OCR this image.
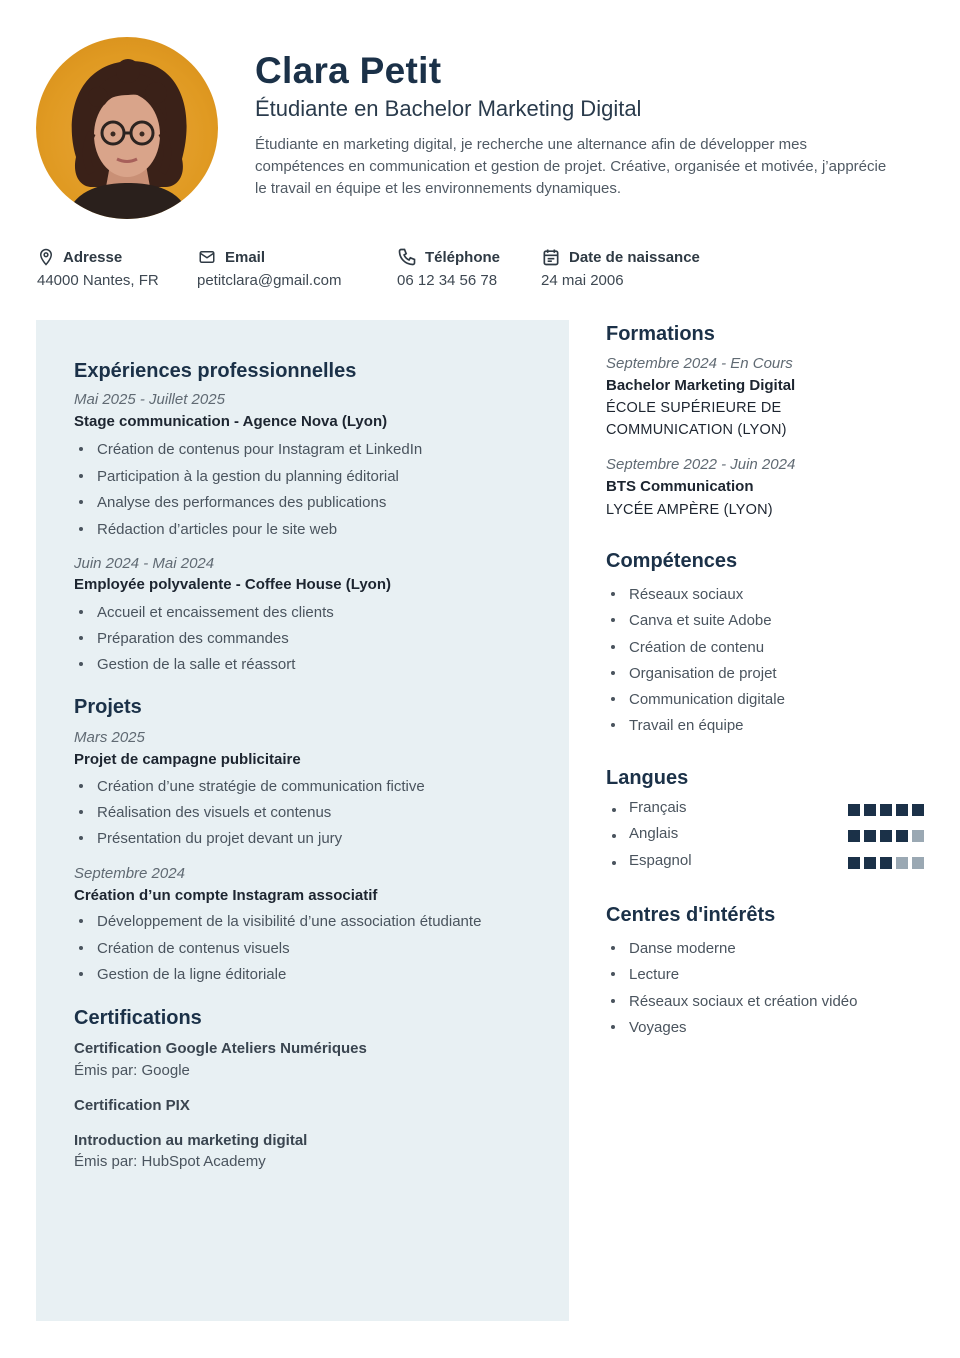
Clara Petit
Étudiante en Bachelor Marketing Digital
Étudiante en marketing digital, je recherche une alternance afin de développer mes compétences en communication et gestion de projet. Créative, organisée et motivée, j’apprécie le travail en équipe et les environnements dynamiques.
Adresse
44000 Nantes, FR
Email
petitclara@gmail.com
Téléphone
06 12 34 56 78
Date de naissance
24 mai 2006
Expériences professionnelles
Mai 2025 - Juillet 2025
Stage communication - Agence Nova (Lyon)
Création de contenus pour Instagram et LinkedIn
Participation à la gestion du planning éditorial
Analyse des performances des publications
Rédaction d’articles pour le site web
Juin 2024 - Mai 2024
Employée polyvalente - Coffee House (Lyon)
Accueil et encaissement des clients
Préparation des commandes
Gestion de la salle et réassort
Projets
Mars 2025
Projet de campagne publicitaire
Création d’une stratégie de communication fictive
Réalisation des visuels et contenus
Présentation du projet devant un jury
Septembre 2024
Création d’un compte Instagram associatif
Développement de la visibilité d’une association étudiante
Création de contenus visuels
Gestion de la ligne éditoriale
Certifications
Certification Google Ateliers Numériques
Émis par: Google
Certification PIX
Introduction au marketing digital
Émis par: HubSpot Academy
Formations
Septembre 2024 - En Cours
Bachelor Marketing Digital
ÉCOLE SUPÉRIEURE DE COMMUNICATION (LYON)
Septembre 2022 - Juin 2024
BTS Communication
LYCÉE AMPÈRE (LYON)
Compétences
Réseaux sociaux
Canva et suite Adobe
Création de contenu
Organisation de projet
Communication digitale
Travail en équipe
Langues
Français
Anglais
Espagnol
Centres d'intérêts
Danse moderne
Lecture
Réseaux sociaux et création vidéo
Voyages
